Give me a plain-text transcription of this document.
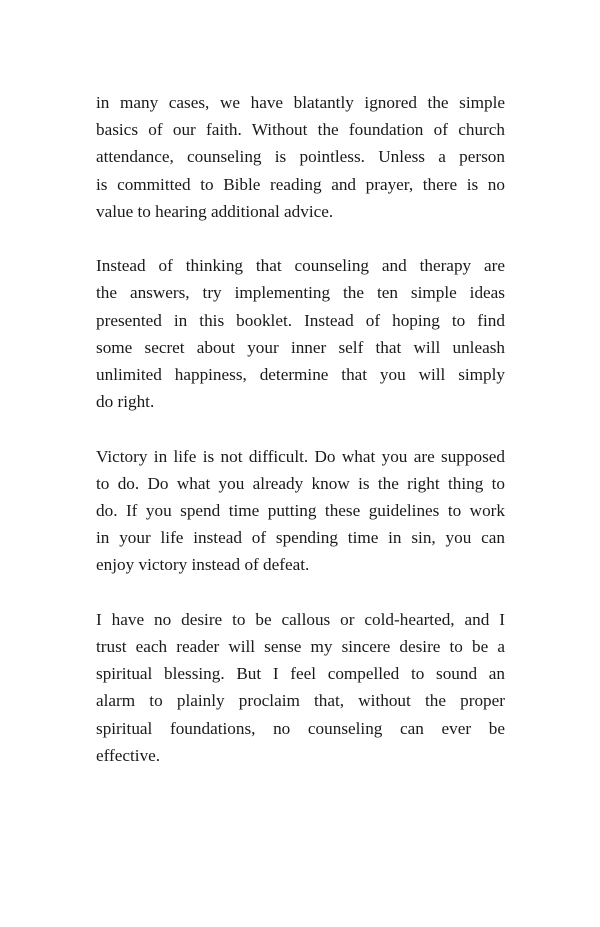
in many cases, we have blatantly ignored the simple
basics of our faith. Without the foundation of church
attendance, counseling is pointless. Unless a person
is committed to Bible reading and prayer, there is no
value to hearing additional advice.

Instead of thinking that counseling and therapy are
the answers, try implementing the ten simple ideas
presented in this booklet. Instead of hoping to find
some secret about your inner self that will unleash
unlimited happiness, determine that you will simply
do right.

Victory in life is not difficult. Do what you are supposed
to do. Do what you already know is the right thing to
do. If you spend time putting these guidelines to work
in your life instead of spending time in sin, you can
enjoy victory instead of defeat.

I have no desire to be callous or cold-hearted, and I
trust each reader will sense my sincere desire to be a
spiritual blessing. But I feel compelled to sound an
alarm to plainly proclaim that, without the proper
spiritual foundations, no counseling can ever be
effective.
